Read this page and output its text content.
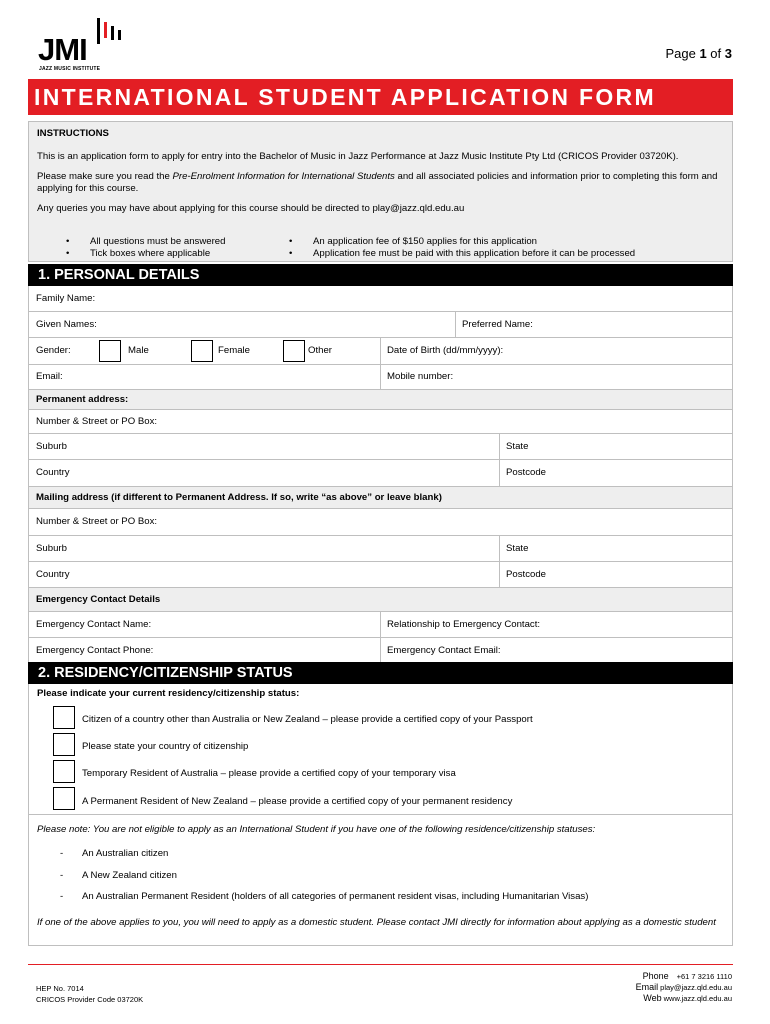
JMI
JAZZ MUSIC INSTITUTE
Page 1 of 3
INTERNATIONAL STUDENT APPLICATION FORM

INSTRUCTIONS

This is an application form to apply for entry into the Bachelor of Music in Jazz Performance at Jazz Music Institute Pty Ltd (CRICOS Provider 03720K).

Please make sure you read the Pre-Enrolment Information for International Students and all associated policies and information prior to completing this form and applying for this course.

Any queries you may have about applying for this course should be directed to play@jazz.qld.edu.au

• All questions must be answered
• Tick boxes where applicable
• An application fee of $150 applies for this application
• Application fee must be paid with this application before it can be processed
1. PERSONAL DETAILS
Family Name:
Given Names:	Preferred Name:
Gender:	Male	Female	Other	Date of Birth (dd/mm/yyyy):
Email:	Mobile number:
Permanent address:
Number & Street or PO Box:
Suburb	State
Country	Postcode
Mailing address (if different to Permanent Address. If so, write “as above” or leave blank)
Number & Street or PO Box:
Suburb	State
Country	Postcode
Emergency Contact Details
Emergency Contact Name:	Relationship to Emergency Contact:
Emergency Contact Phone:	Emergency Contact Email:
2. RESIDENCY/CITIZENSHIP STATUS
Please indicate your current residency/citizenship status:
Citizen of a country other than Australia or New Zealand – please provide a certified copy of your Passport
Please state your country of citizenship
Temporary Resident of Australia – please provide a certified copy of your temporary visa
A Permanent Resident of New Zealand – please provide a certified copy of your permanent residency
Please note: You are not eligible to apply as an International Student if you have one of the following residence/citizenship statuses:
- An Australian citizen
- A New Zealand citizen
- An Australian Permanent Resident (holders of all categories of permanent resident visas, including Humanitarian Visas)
If one of the above applies to you, you will need to apply as a domestic student. Please contact JMI directly for information about applying as a domestic student
HEP No. 7014
CRICOS Provider Code 03720K
Phone +61 7 3216 1110
Email play@jazz.qld.edu.au
Web www.jazz.qld.edu.au
